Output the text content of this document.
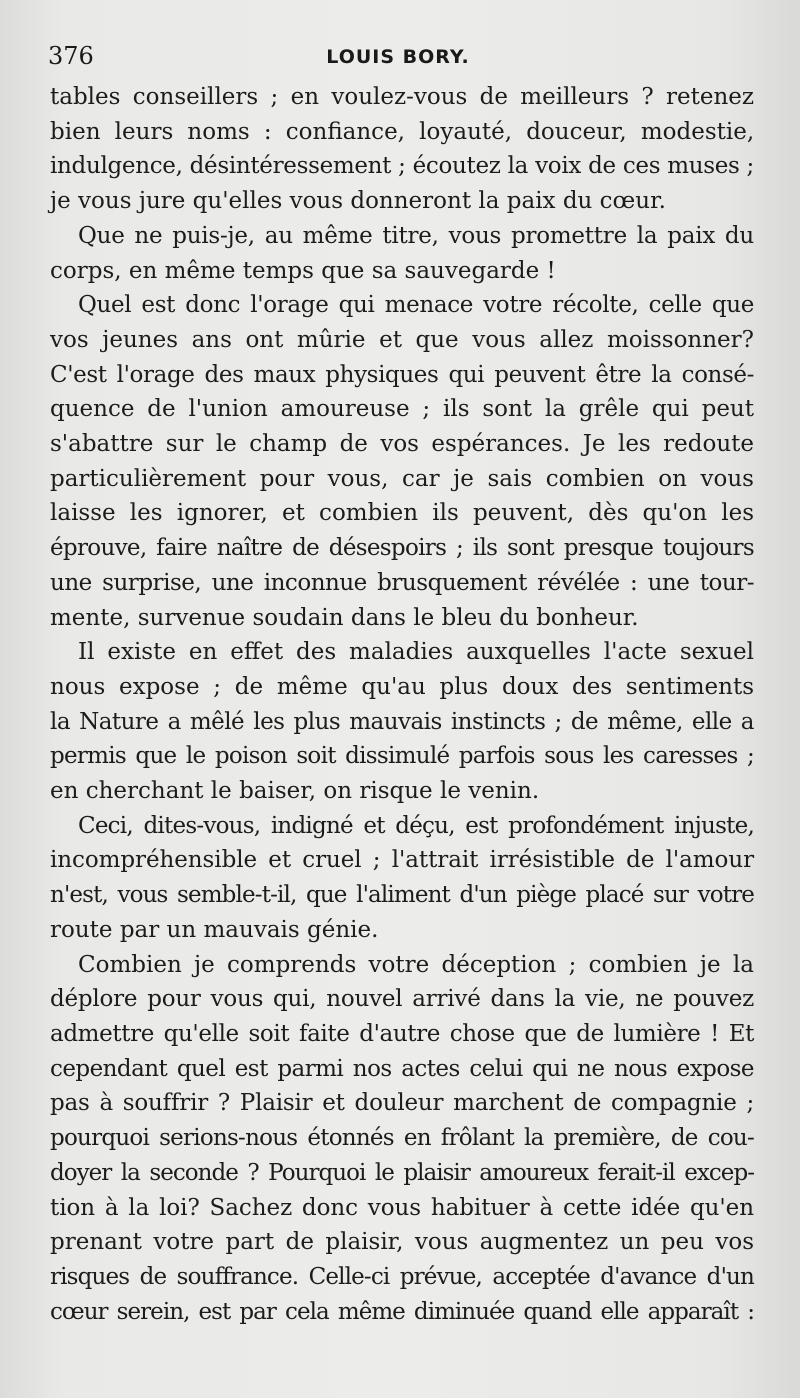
376	LOUIS BORY.
tables conseillers ; en voulez-vous de meilleurs ? retenez
bien leurs noms : confiance, loyauté, douceur, modestie,
indulgence, désintéressement ; écoutez la voix de ces muses ;
je vous jure qu'elles vous donneront la paix du cœur.
Que ne puis-je, au même titre, vous promettre la paix du
corps, en même temps que sa sauvegarde !
Quel est donc l'orage qui menace votre récolte, celle que
vos jeunes ans ont mûrie et que vous allez moissonner?
C'est l'orage des maux physiques qui peuvent être la consé-
quence de l'union amoureuse ; ils sont la grêle qui peut
s'abattre sur le champ de vos espérances. Je les redoute
particulièrement pour vous, car je sais combien on vous
laisse les ignorer, et combien ils peuvent, dès qu'on les
éprouve, faire naître de désespoirs ; ils sont presque toujours
une surprise, une inconnue brusquement révélée : une tour-
mente, survenue soudain dans le bleu du bonheur.
Il existe en effet des maladies auxquelles l'acte sexuel
nous expose ; de même qu'au plus doux des sentiments
la Nature a mêlé les plus mauvais instincts ; de même, elle a
permis que le poison soit dissimulé parfois sous les caresses ;
en cherchant le baiser, on risque le venin.
Ceci, dites-vous, indigné et déçu, est profondément injuste,
incompréhensible et cruel ; l'attrait irrésistible de l'amour
n'est, vous semble-t-il, que l'aliment d'un piège placé sur votre
route par un mauvais génie.
Combien je comprends votre déception ; combien je la
déplore pour vous qui, nouvel arrivé dans la vie, ne pouvez
admettre qu'elle soit faite d'autre chose que de lumière ! Et
cependant quel est parmi nos actes celui qui ne nous expose
pas à souffrir ? Plaisir et douleur marchent de compagnie ;
pourquoi serions-nous étonnés en frôlant la première, de cou-
doyer la seconde ? Pourquoi le plaisir amoureux ferait-il excep-
tion à la loi? Sachez donc vous habituer à cette idée qu'en
prenant votre part de plaisir, vous augmentez un peu vos
risques de souffrance. Celle-ci prévue, acceptée d'avance d'un
cœur serein, est par cela même diminuée quand elle apparaît :
